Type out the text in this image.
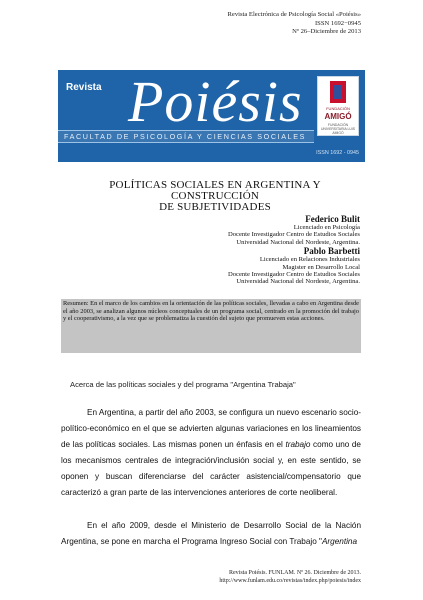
Revista Electrónica de Psicología Social «Poiésis»
ISSN 1692−0945
Nº 26–Diciembre de 2013
Revista Poiésis
FACULTAD DE PSICOLOGÍA Y CIENCIAS SOCIALES
FUNDACIÓN
AMIGÓ
FUNDACIÓN UNIVERSITARIA LUIS AMIGÓ
ISSN 1692 - 0945
POLÍTICAS SOCIALES EN ARGENTINA Y CONSTRUCCIÓN
DE SUBJETIVIDADES
Federico Bulit
Licenciado en Psicología
Docente Investigador Centro de Estudios Sociales
Universidad Nacional del Nordeste, Argentina.
Pablo Barbetti
Licenciado en Relaciones Industriales
Magister en Desarrollo Local
Docente Investigador Centro de Estudios Sociales
Universidad Nacional del Nordeste, Argentina.
Resumen: En el marco de los cambios en la orientación de las políticas sociales, llevadas a cabo en Argentina desde el año 2003, se analizan algunos núcleos conceptuales de un programa social, centrado en la promoción del trabajo y el cooperativismo, a la vez que se problematiza la cuestión del sujeto que promueven estas acciones.
Acerca de las políticas sociales y del programa "Argentina Trabaja"
En Argentina, a partir del año 2003, se configura un nuevo escenario socio-político-económico en el que se advierten algunas variaciones en los lineamientos de las políticas sociales. Las mismas ponen un énfasis en el trabajo como uno de los mecanismos centrales de integración/inclusión social y, en este sentido, se oponen y buscan diferenciarse del carácter asistencial/compensatorio que caracterizó a gran parte de las intervenciones anteriores de corte neoliberal.
En el año 2009, desde el Ministerio de Desarrollo Social de la Nación Argentina, se pone en marcha el Programa Ingreso Social con Trabajo "Argentina
Revista Poiésis. FUNLAM. Nº 26. Diciembre de 2013.
http://www.funlam.edu.co/revistas/index.php/poiesis/index
